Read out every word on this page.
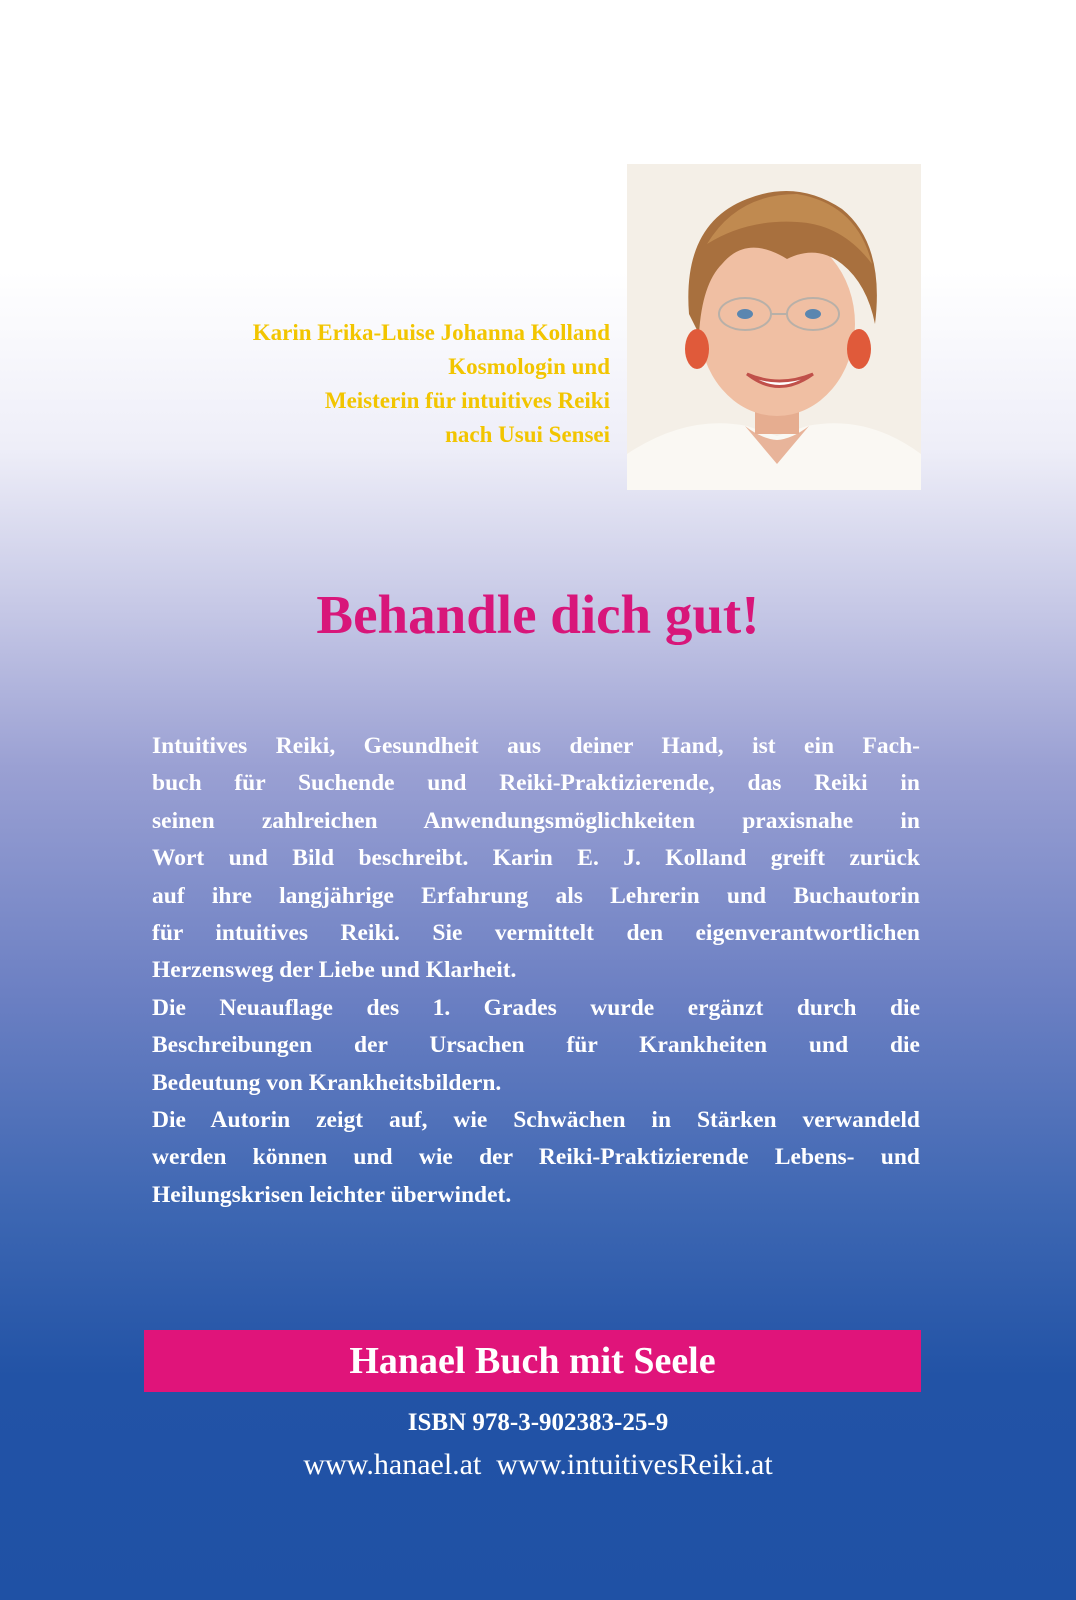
Karin Erika-Luise Johanna Kolland
Kosmologin und
Meisterin für intuitives Reiki
nach Usui Sensei
Behandle dich gut!

Intuitives Reiki, Gesundheit aus deiner Hand, ist ein Fach-
buch für Suchende und Reiki-Praktizierende, das Reiki in
seinen zahlreichen Anwendungsmöglichkeiten praxisnahe in
Wort und Bild beschreibt. Karin E. J. Kolland greift zurück
auf ihre langjährige Erfahrung als Lehrerin und Buchautorin
für intuitives Reiki. Sie vermittelt den eigenverantwortlichen
Herzensweg der Liebe und Klarheit.

Die Neuauflage des 1. Grades wurde ergänzt durch die
Beschreibungen der Ursachen für Krankheiten und die
Bedeutung von Krankheitsbildern.

Die Autorin zeigt auf, wie Schwächen in Stärken verwandeld
werden können und wie der Reiki-Praktizierende Lebens- und
Heilungskrisen leichter überwindet.

Hanael Buch mit Seele
ISBN 978-3-902383-25-9
www.hanael.at  www.intuitivesReiki.at
